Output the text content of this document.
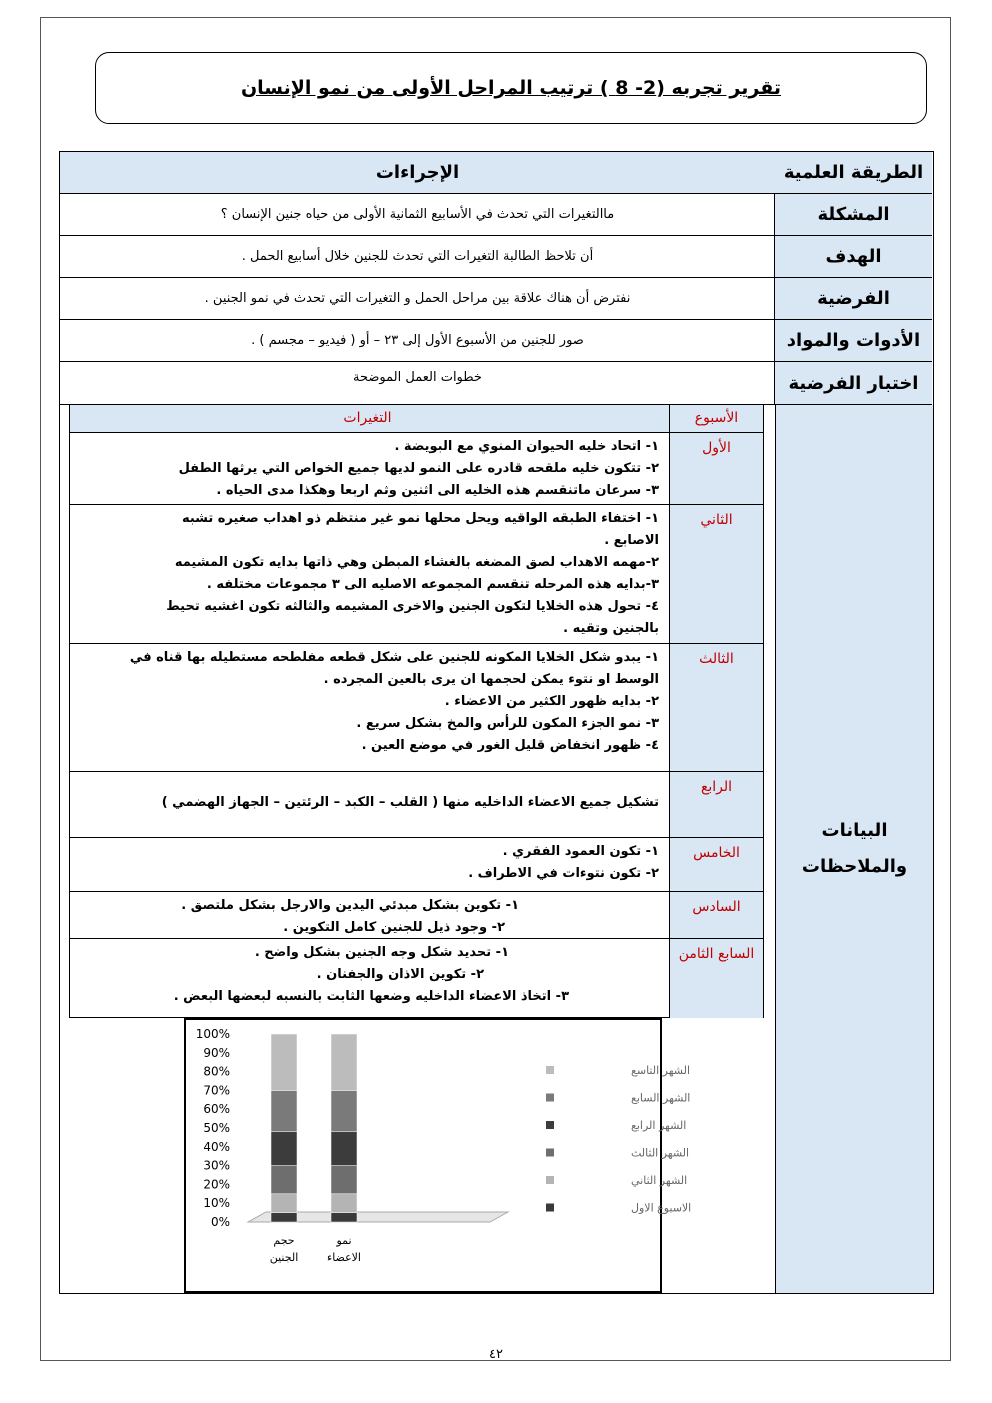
تقرير تجربه (2- 8 ) ترتيب المراحل الأولى من نمو الإنسان
الطريقة العلمية
الإجراءات
المشكلة
ماالتغيرات التي تحدث في الأسابيع الثمانية الأولى من حياه جنين الإنسان ؟
الهدف
أن تلاحظ الطالبة التغيرات التي تحدث للجنين خلال أسابيع الحمل .
الفرضية
نفترض أن هناك علاقة بين مراحل الحمل و التغيرات التي تحدث في نمو الجنين .
الأدوات والمواد
صور للجنين من الأسبوع الأول إلى ٢٣ – أو ( فيديو – مجسم ) .
اختبار الفرضية
خطوات العمل الموضحة
البيانات
والملاحظات
الأسبوع
التغيرات
الأول
١- اتحاد خليه الحيوان المنوي مع البويضة .
٢- تتكون خليه ملقحه قادره على النمو لديها جميع الخواص التي يرثها الطفل
٣- سرعان ماتنقسم هذه الخليه الى اثنين وثم اربعا وهكذا مدى الحياه .
الثاني
١- اختفاء الطبقه الواقيه ويحل محلها نمو غير منتظم ذو اهداب صغيره تشبه
الاصابع .
٢-مهمه الاهداب لصق المضغه بالغشاء المبطن وهي ذاتها بدايه تكون المشيمه
٣-بدايه هذه المرحله تنقسم المجموعه الاصليه الى ٣ مجموعات مختلفه .
٤- تحول هذه الخلايا لتكون الجنين والاخرى المشيمه والثالثه تكون اغشيه تحيط
بالجنين وتقيه .
الثالث
١- يبدو شكل الخلايا المكونه للجنين على شكل قطعه مفلطحه مستطيله بها قناه في
الوسط او نتوء يمكن لحجمها ان يرى بالعين المجرده .
٢- بدايه ظهور الكثير من الاعضاء .
٣- نمو الجزء المكون للرأس والمخ بشكل سريع .
٤- ظهور انخفاض قليل الغور في موضع العين .
الرابع
تشكيل جميع الاعضاء الداخليه منها ( القلب – الكبد – الرئتين – الجهاز الهضمي )
الخامس
١- تكون العمود الفقري .
٢- تكون نتوءات في الاطراف .
السادس
١- تكوين بشكل مبدئي اليدين والارجل بشكل ملتصق .
٢- وجود ذيل للجنين كامل التكوين .
السابع الثامن
١- تحديد شكل وجه الجنين بشكل واضح .
٢- تكوين الاذان والجفنان .
٣- اتخاذ الاعضاء الداخليه وضعها الثابت بالنسبه لبعضها البعض .
0%
10%
20%
30%
40%
50%
60%
70%
80%
90%
100%
حجم
الجنين
نمو
الاعضاء
الشهر التاسع
الشهر السابع
الشهر الرابع
الشهر الثالث
الشهر الثاني
الاسبوع الاول
٤٢
